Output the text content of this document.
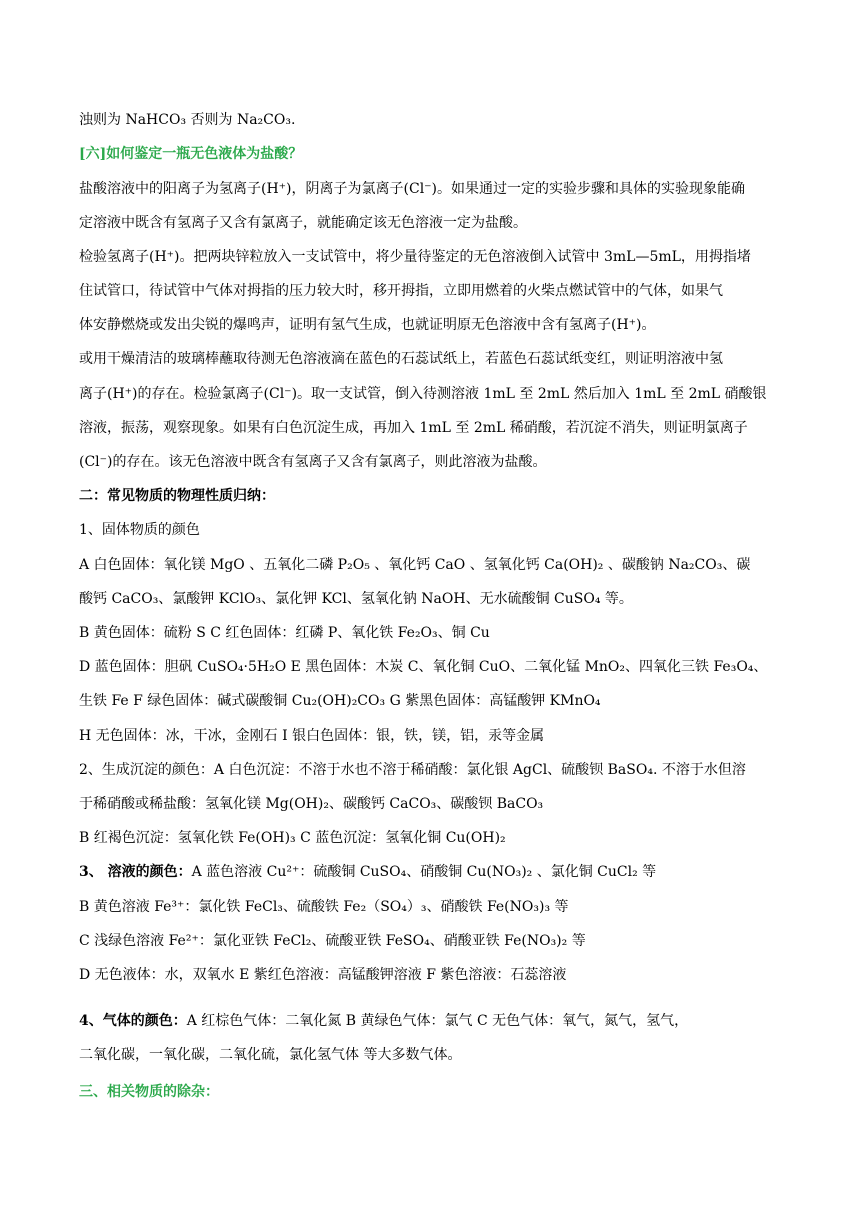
浊则为 NaHCO₃ 否则为 Na₂CO₃.
[六]如何鉴定一瓶无色液体为盐酸？
盐酸溶液中的阳离子为氢离子(H⁺)，阴离子为氯离子(Cl⁻)。如果通过一定的实验步骤和具体的实验现象能确
定溶液中既含有氢离子又含有氯离子，就能确定该无色溶液一定为盐酸。
检验氢离子(H⁺)。把两块锌粒放入一支试管中，将少量待鉴定的无色溶液倒入试管中 3mL—5mL，用拇指堵
住试管口，待试管中气体对拇指的压力较大时，移开拇指，立即用燃着的火柴点燃试管中的气体，如果气
体安静燃烧或发出尖锐的爆鸣声，证明有氢气生成，也就证明原无色溶液中含有氢离子(H⁺)。
或用干燥清洁的玻璃棒蘸取待测无色溶液滴在蓝色的石蕊试纸上，若蓝色石蕊试纸变红，则证明溶液中氢
离子(H⁺)的存在。检验氯离子(Cl⁻)。取一支试管，倒入待测溶液 1mL 至 2mL 然后加入 1mL 至 2mL 硝酸银
溶液，振荡，观察现象。如果有白色沉淀生成，再加入 1mL 至 2mL 稀硝酸，若沉淀不消失，则证明氯离子
(Cl⁻)的存在。该无色溶液中既含有氢离子又含有氯离子，则此溶液为盐酸。
二：常见物质的物理性质归纳：
1、固体物质的颜色
A 白色固体：氧化镁 MgO 、五氧化二磷 P₂O₅ 、氧化钙 CaO 、氢氧化钙 Ca(OH)₂ 、碳酸钠 Na₂CO₃、碳
酸钙 CaCO₃、氯酸钾 KClO₃、氯化钾 KCl、氢氧化钠 NaOH、无水硫酸铜 CuSO₄ 等。
B 黄色固体：硫粉 S C 红色固体：红磷 P、氧化铁 Fe₂O₃、铜 Cu
D 蓝色固体：胆矾 CuSO₄·5H₂O E 黑色固体：木炭 C、氧化铜 CuO、二氧化锰 MnO₂、四氧化三铁 Fe₃O₄、
生铁 Fe F 绿色固体：碱式碳酸铜 Cu₂(OH)₂CO₃ G 紫黑色固体：高锰酸钾 KMnO₄
H 无色固体：冰，干冰，金刚石 I 银白色固体：银，铁，镁，铝，汞等金属
2、生成沉淀的颜色：A 白色沉淀：不溶于水也不溶于稀硝酸：氯化银 AgCl、硫酸钡 BaSO₄. 不溶于水但溶
于稀硝酸或稀盐酸：氢氧化镁 Mg(OH)₂、碳酸钙 CaCO₃、碳酸钡 BaCO₃
B 红褐色沉淀：氢氧化铁 Fe(OH)₃ C 蓝色沉淀：氢氧化铜 Cu(OH)₂
3、 溶液的颜色：A 蓝色溶液 Cu²⁺：硫酸铜 CuSO₄、硝酸铜 Cu(NO₃)₂ 、氯化铜 CuCl₂ 等
B 黄色溶液 Fe³⁺：氯化铁 FeCl₃、硫酸铁 Fe₂（SO₄）₃、硝酸铁 Fe(NO₃)₃ 等
C 浅绿色溶液 Fe²⁺：氯化亚铁 FeCl₂、硫酸亚铁 FeSO₄、硝酸亚铁 Fe(NO₃)₂ 等
D 无色液体：水，双氧水 E 紫红色溶液：高锰酸钾溶液 F 紫色溶液：石蕊溶液
4、气体的颜色：A 红棕色气体：二氧化氮 B 黄绿色气体：氯气 C 无色气体：氧气，氮气，氢气，
二氧化碳，一氧化碳，二氧化硫，氯化氢气体 等大多数气体。
三、相关物质的除杂：
